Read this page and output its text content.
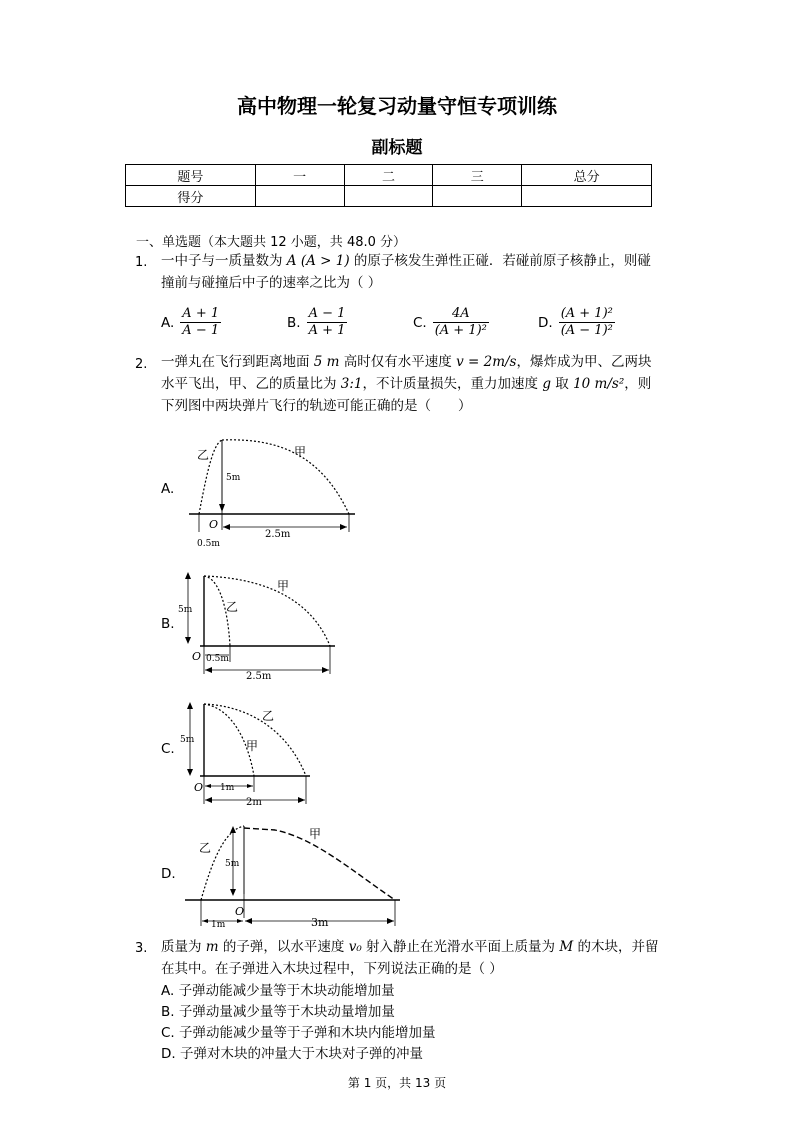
高中物理一轮复习动量守恒专项训练
副标题
题号	一	二	三	总分
得分				
一、单选题（本大题共 12 小题，共 48.0 分）
1. 一中子与一质量数为 A (A > 1) 的原子核发生弹性正碰．若碰前原子核静止，则碰撞前与碰撞后中子的速率之比为（ ）
A. $\frac{A + 1}{A - 1}$	B. $\frac{A - 1}{A + 1}$	C. $\frac{4A}{\text{(A + 1)²}}$	D. $\frac{\text{(A + 1)²}}{\text{(A − 1)²}}$
2. 一弹丸在飞行到距离地面 5 m 高时仅有水平速度 v = 2m/s，爆炸成为甲、乙两块水平飞出，甲、乙的质量比为 3:1，不计质量损失，重力加速度 g 取 10 m/s²，则下列图中两块弹片飞行的轨迹可能正确的是（　　）
A.
乙	甲
5m
O
0.5m
2.5m
B.
乙
甲
5m
O 0.5m
2.5m
C.
乙
甲
5m
O 1m
2m
D.
乙
甲
5m
O
1m	3m
3. 质量为 m 的子弹，以水平速度 v₀ 射入静止在光滑水平面上质量为 M 的木块，并留在其中。在子弹进入木块过程中，下列说法正确的是（ ）
A. 子弹动能减少量等于木块动能增加量
B. 子弹动量减少量等于木块动量增加量
C. 子弹动能减少量等于子弹和木块内能增加量
D. 子弹对木块的冲量大于木块对子弹的冲量
第 1 页，共 13 页
